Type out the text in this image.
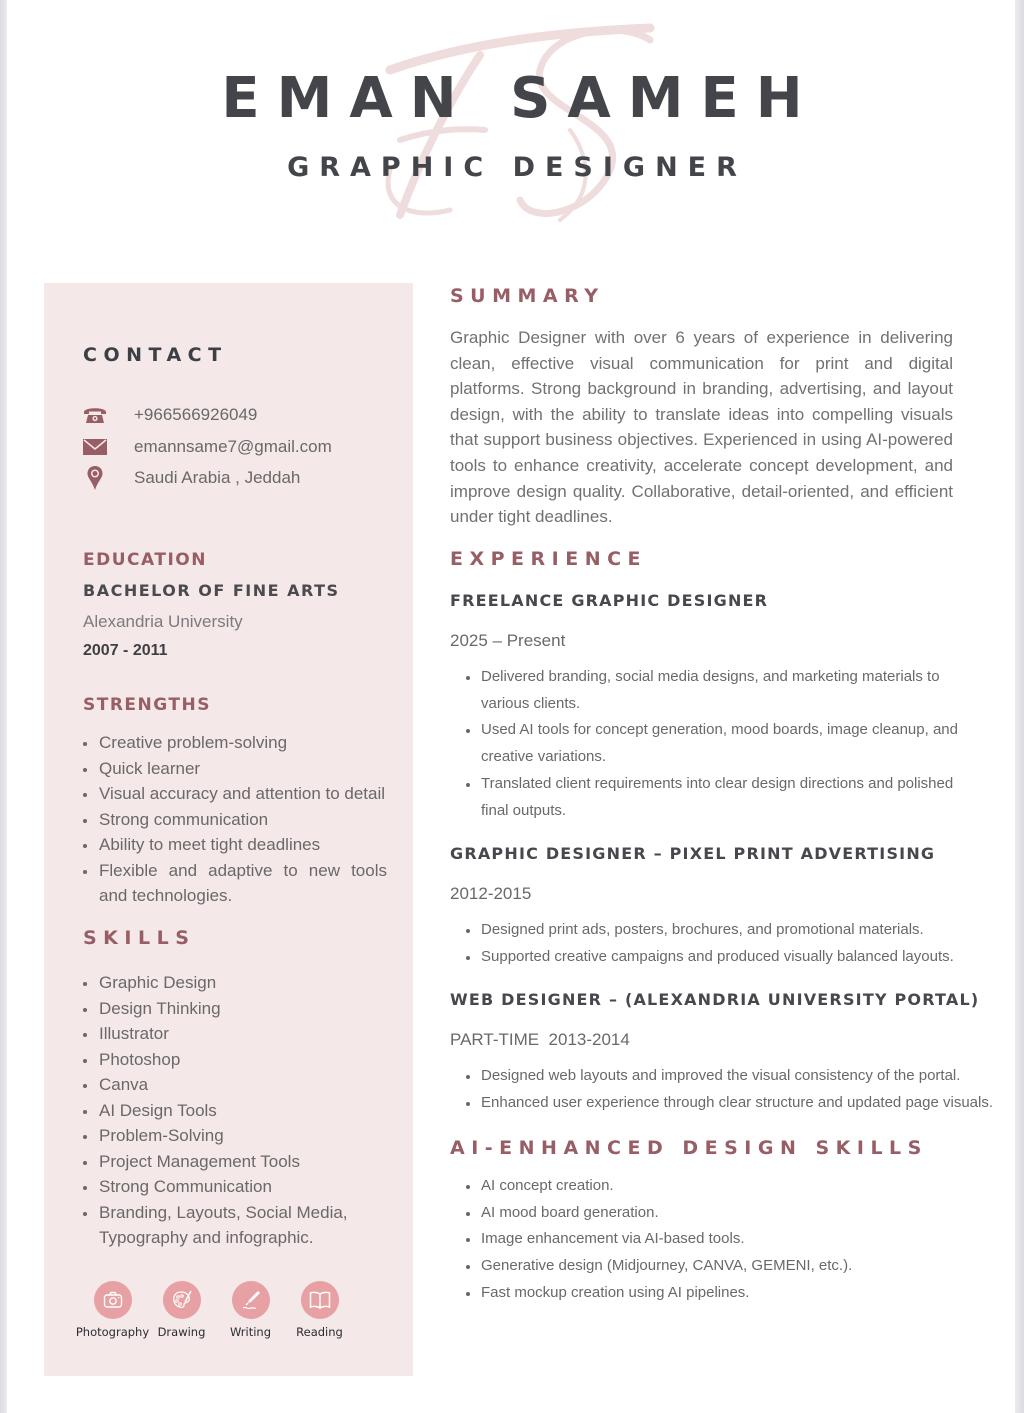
EMAN SAMEH
GRAPHIC DESIGNER
CONTACT
+966566926049
emannsame7@gmail.com
Saudi Arabia , Jeddah
EDUCATION
BACHELOR OF FINE ARTS
Alexandria University
2007 - 2011
STRENGTHS
Creative problem-solving
Quick learner
Visual accuracy and attention to detail
Strong communication
Ability to meet tight deadlines
Flexible and adaptive to new tools and technologies.
SKILLS
Graphic Design
Design Thinking
Illustrator
Photoshop
Canva
AI Design Tools
Problem-Solving
Project Management Tools
Strong Communication
Branding, Layouts, Social Media, Typography and infographic.
Photography Drawing Writing Reading
SUMMARY
Graphic Designer with over 6 years of experience in delivering clean, effective visual communication for print and digital platforms. Strong background in branding, advertising, and layout design, with the ability to translate ideas into compelling visuals that support business objectives. Experienced in using AI-powered tools to enhance creativity, accelerate concept development, and improve design quality. Collaborative, detail-oriented, and efficient under tight deadlines.
EXPERIENCE
FREELANCE GRAPHIC DESIGNER
2025 – Present
Delivered branding, social media designs, and marketing materials to various clients.
Used AI tools for concept generation, mood boards, image cleanup, and creative variations.
Translated client requirements into clear design directions and polished final outputs.
GRAPHIC DESIGNER – PIXEL PRINT ADVERTISING
2012-2015
Designed print ads, posters, brochures, and promotional materials.
Supported creative campaigns and produced visually balanced layouts.
WEB DESIGNER – (ALEXANDRIA UNIVERSITY PORTAL)
PART-TIME  2013-2014
Designed web layouts and improved the visual consistency of the portal.
Enhanced user experience through clear structure and updated page visuals.
AI-ENHANCED DESIGN SKILLS
AI concept creation.
AI mood board generation.
Image enhancement via AI-based tools.
Generative design (Midjourney, CANVA, GEMENI, etc.).
Fast mockup creation using AI pipelines.
